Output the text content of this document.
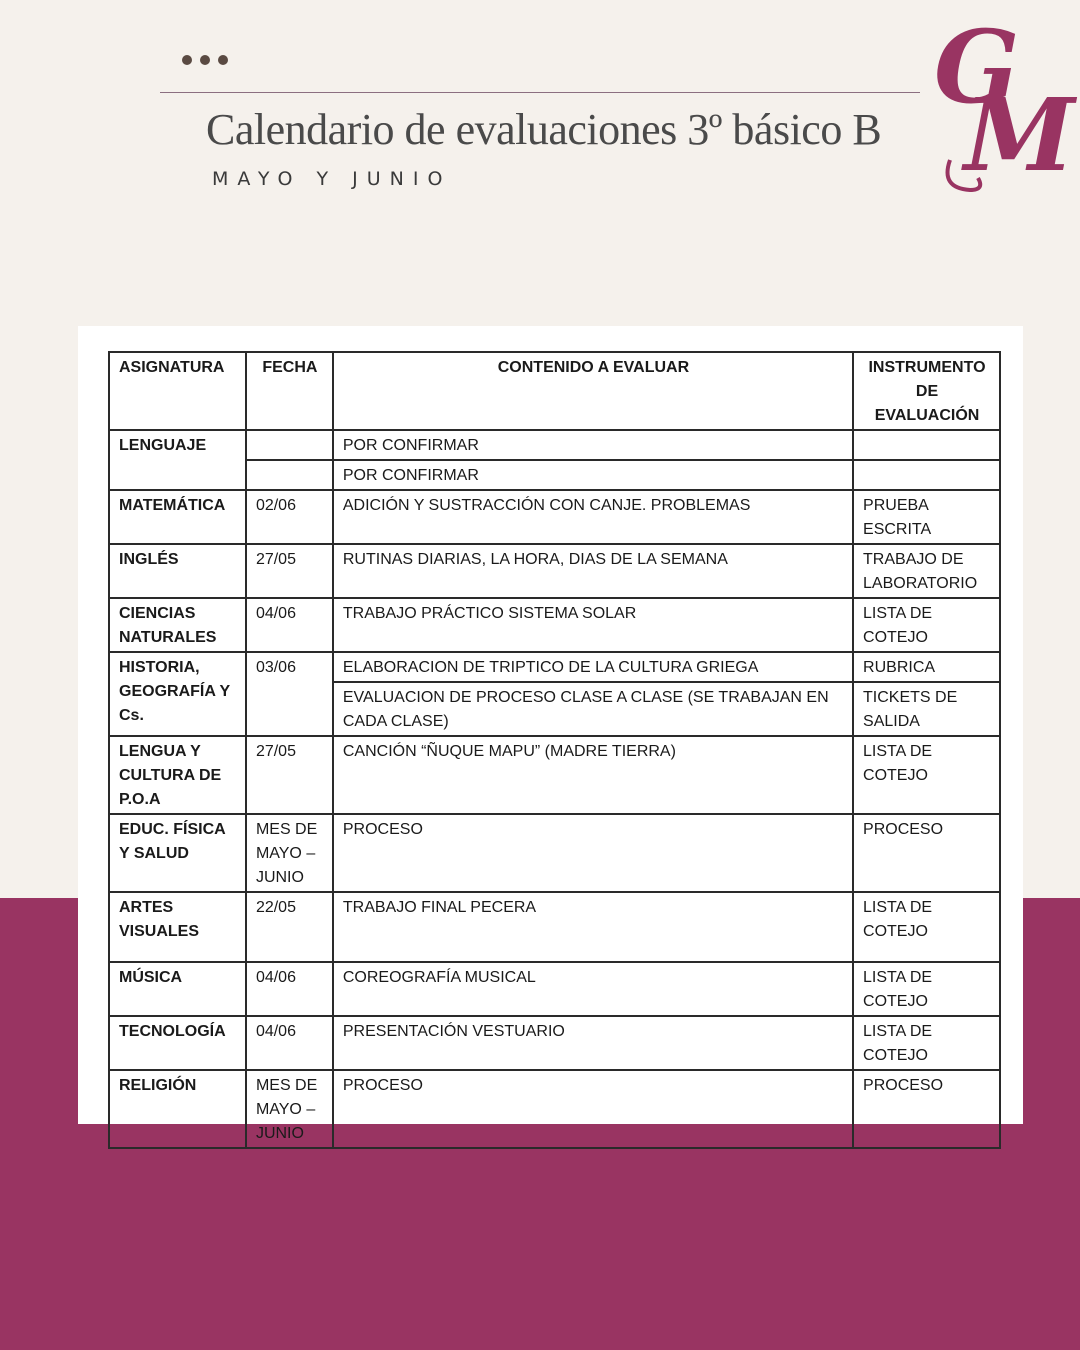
Calendario de evaluaciones 3º básico B
MAYO Y JUNIO
G
M
ASIGNATURA	FECHA	CONTENIDO A EVALUAR	INSTRUMENTO DE EVALUACIÓN
LENGUAJE		POR CONFIRMAR	
		POR CONFIRMAR	
MATEMÁTICA	02/06	ADICIÓN Y SUSTRACCIÓN CON CANJE. PROBLEMAS	PRUEBA ESCRITA
INGLÉS	27/05	RUTINAS DIARIAS, LA HORA, DIAS DE LA SEMANA	TRABAJO DE LABORATORIO
CIENCIAS NATURALES	04/06	TRABAJO PRÁCTICO SISTEMA SOLAR	LISTA DE COTEJO
HISTORIA, GEOGRAFÍA Y Cs.	03/06	ELABORACION DE TRIPTICO DE LA CULTURA GRIEGA	RUBRICA
		EVALUACION DE PROCESO CLASE A CLASE (SE TRABAJAN EN CADA CLASE)	TICKETS DE SALIDA
LENGUA Y CULTURA DE P.O.A	27/05	CANCIÓN “ÑUQUE MAPU” (MADRE TIERRA)	LISTA DE COTEJO
EDUC. FÍSICA Y SALUD	MES DE MAYO – JUNIO	PROCESO	PROCESO
ARTES VISUALES	22/05	TRABAJO FINAL PECERA	LISTA DE COTEJO
MÚSICA	04/06	COREOGRAFÍA MUSICAL	LISTA DE COTEJO
TECNOLOGÍA	04/06	PRESENTACIÓN VESTUARIO	LISTA DE COTEJO
RELIGIÓN	MES DE MAYO – JUNIO	PROCESO	PROCESO
